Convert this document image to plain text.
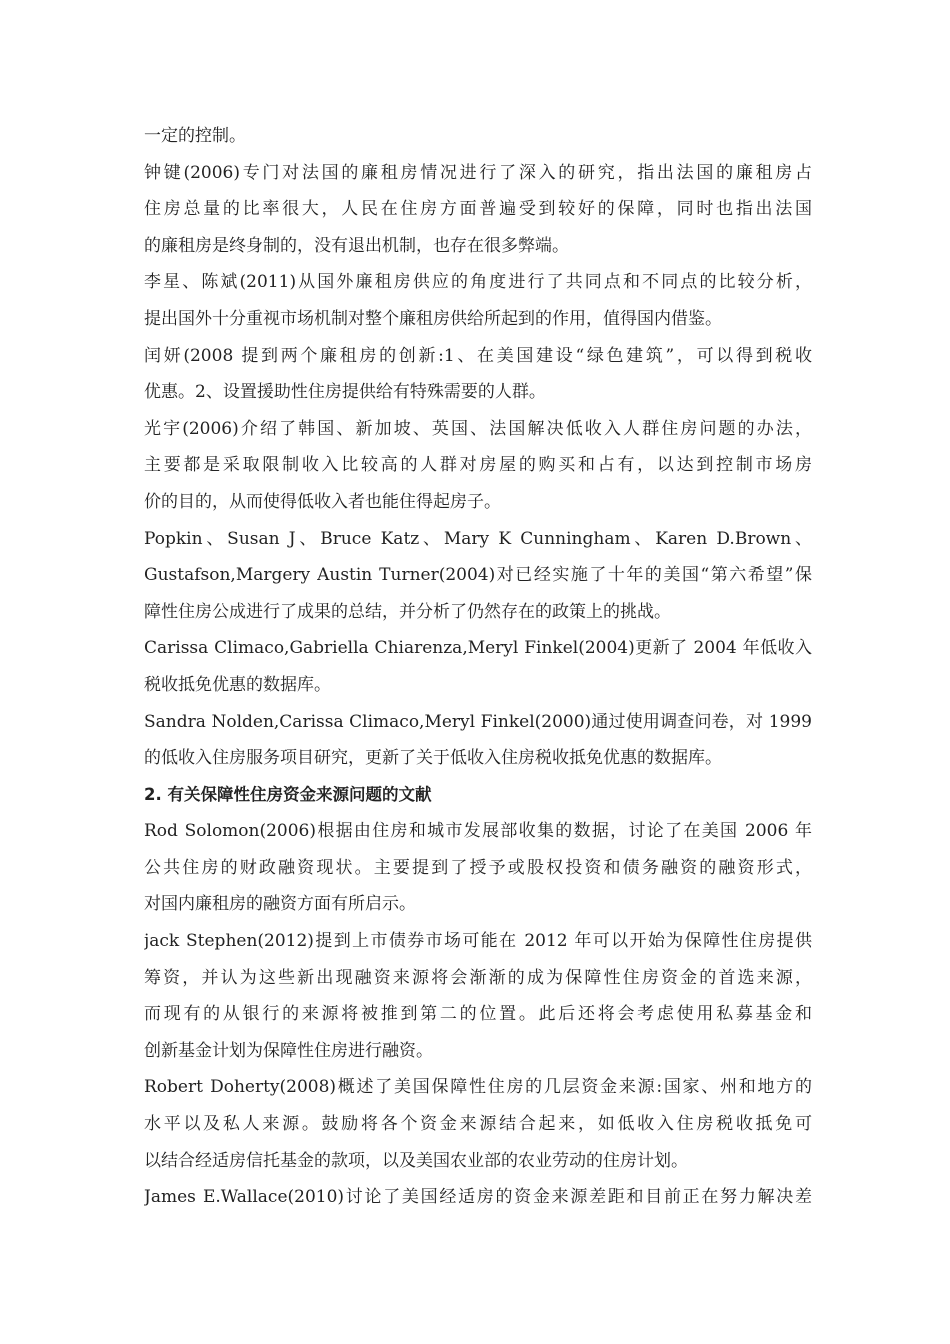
一定的控制。
钟键(2006)专门对法国的廉租房情况进行了深入的研究，指出法国的廉租房占
住房总量的比率很大，人民在住房方面普遍受到较好的保障，同时也指出法国
的廉租房是终身制的，没有退出机制，也存在很多弊端。
李星、陈斌(2011)从国外廉租房供应的角度进行了共同点和不同点的比较分析，
提出国外十分重视市场机制对整个廉租房供给所起到的作用，值得国内借鉴。
闰妍(2008 提到两个廉租房的创新:1、在美国建设“绿色建筑”，可以得到税收
优惠。2、设置援助性住房提供给有特殊需要的人群。
光宇(2006)介绍了韩国、新加坡、英国、法国解决低收入人群住房问题的办法，
主要都是采取限制收入比较高的人群对房屋的购买和占有，以达到控制市场房
价的目的，从而使得低收入者也能住得起房子。
Popkin、Susan J、Bruce Katz、Mary K Cunningham、Karen D.Brown、
Gustafson,Margery Austin Turner(2004)对已经实施了十年的美国“第六希望”保
障性住房公成进行了成果的总结，并分析了仍然存在的政策上的挑战。
Carissa Climaco,Gabriella Chiarenza,Meryl Finkel(2004)更新了 2004 年低收入
税收抵免优惠的数据库。
Sandra Nolden,Carissa Climaco,Meryl Finkel(2000)通过使用调查问卷，对 1999
的低收入住房服务项目研究，更新了关于低收入住房税收抵免优惠的数据库。
2. 有关保障性住房资金来源问题的文献
Rod Solomon(2006)根据由住房和城市发展部收集的数据，讨论了在美国 2006 年
公共住房的财政融资现状。主要提到了授予或股权投资和债务融资的融资形式，
对国内廉租房的融资方面有所启示。
jack Stephen(2012)提到上市债券市场可能在 2012 年可以开始为保障性住房提供
筹资，并认为这些新出现融资来源将会渐渐的成为保障性住房资金的首选来源，
而现有的从银行的来源将被推到第二的位置。此后还将会考虑使用私募基金和
创新基金计划为保障性住房进行融资。
Robert Doherty(2008)概述了美国保障性住房的几层资金来源:国家、州和地方的
水平以及私人来源。鼓励将各个资金来源结合起来，如低收入住房税收抵免可
以结合经适房信托基金的款项，以及美国农业部的农业劳动的住房计划。
James E.Wallace(2010)讨论了美国经适房的资金来源差距和目前正在努力解决差
